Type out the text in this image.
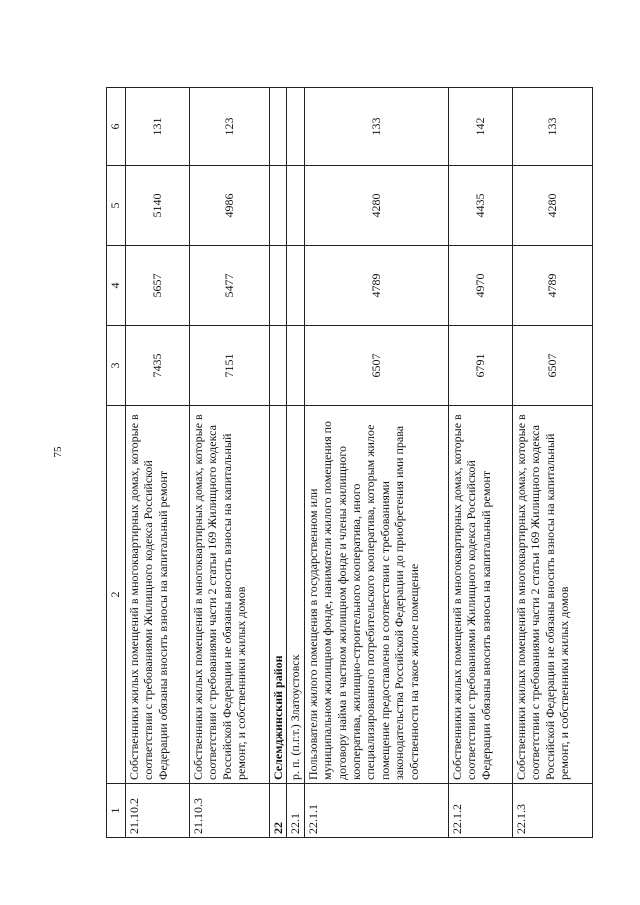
75
1	2	3	4	5	6
21.10.2	Собственники жилых помещений в многоквартирных домах, которые в соответствии с требованиями Жилищного кодекса Российской Федерации обязаны вносить взносы на капитальный ремонт	7435	5657	5140	131
21.10.3	Собственники жилых помещений в многоквартирных домах, которые в соответствии с требованиями части 2 статьи 169 Жилищного кодекса Российской Федерации не обязаны вносить взносы на капитальный ремонт, и собственники жилых домов	7151	5477	4986	123
22	Селемджинский район				
22.1	р. п. (п.г.т.) Златоустовск				
22.1.1	Пользователи жилого помещения в государственном или муниципальном жилищном фонде, наниматели жилого помещения по договору найма в частном жилищном фонде и члены жилищного кооператива, жилищно-строительного кооператива, иного специализированного потребительского кооператива, которым жилое помещение предоставлено в соответствии с требованиями законодательства Российской Федерации до приобретения ими права собственности на такое жилое помещение	6507	4789	4280	133
22.1.2	Собственники жилых помещений в многоквартирных домах, которые в соответствии с требованиями Жилищного кодекса Российской Федерации обязаны вносить взносы на капитальный ремонт	6791	4970	4435	142
22.1.3	Собственники жилых помещений в многоквартирных домах, которые в соответствии с требованиями части 2 статьи 169 Жилищного кодекса Российской Федерации не обязаны вносить взносы на капитальный ремонт, и собственники жилых домов	6507	4789	4280	133
